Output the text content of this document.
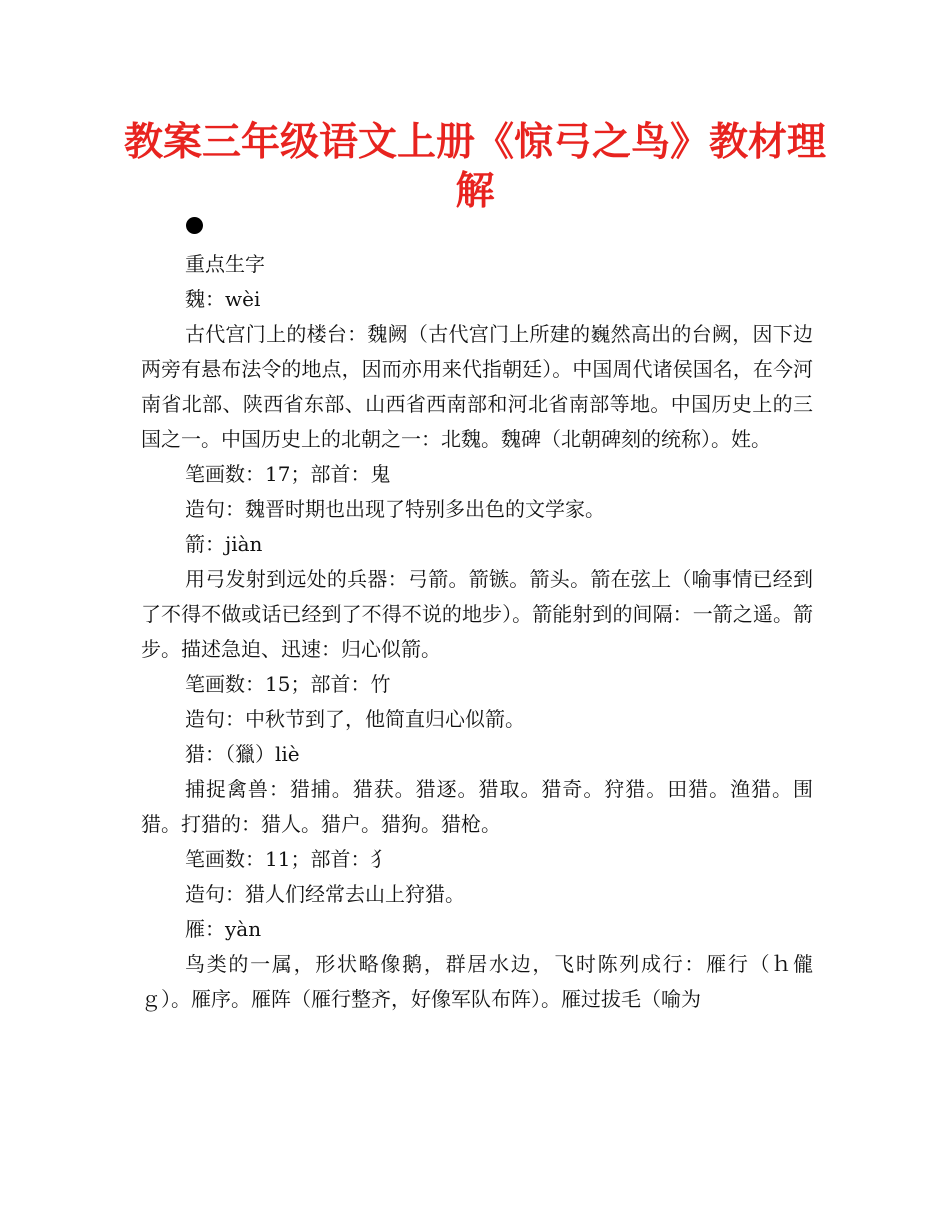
教案三年级语文上册《惊弓之鸟》教材理解

重点生字

魏：wèi

古代宫门上的楼台：魏阙（古代宫门上所建的巍然高出的台阙，因下边两旁有悬布法令的地点，因而亦用来代指朝廷）。中国周代诸侯国名，在今河南省北部、陕西省东部、山西省西南部和河北省南部等地。中国历史上的三国之一。中国历史上的北朝之一：北魏。魏碑（北朝碑刻的统称）。姓。

笔画数：17；部首：鬼

造句：魏晋时期也出现了特别多出色的文学家。

箭：jiàn

用弓发射到远处的兵器：弓箭。箭镞。箭头。箭在弦上（喻事情已经到了不得不做或话已经到了不得不说的地步）。箭能射到的间隔：一箭之遥。箭步。描述急迫、迅速：归心似箭。

笔画数：15；部首：竹

造句：中秋节到了，他简直归心似箭。

猎：（獵）liè

捕捉禽兽：猎捕。猎获。猎逐。猎取。猎奇。狩猎。田猎。渔猎。围猎。打猎的：猎人。猎户。猎狗。猎枪。

笔画数：11；部首：犭

造句：猎人们经常去山上狩猎。

雁：yàn

鸟类的一属，形状略像鹅，群居水边，飞时陈列成行：雁行（ｈ儱ｇ）。雁序。雁阵（雁行整齐，好像军队布阵）。雁过拔毛（喻为
